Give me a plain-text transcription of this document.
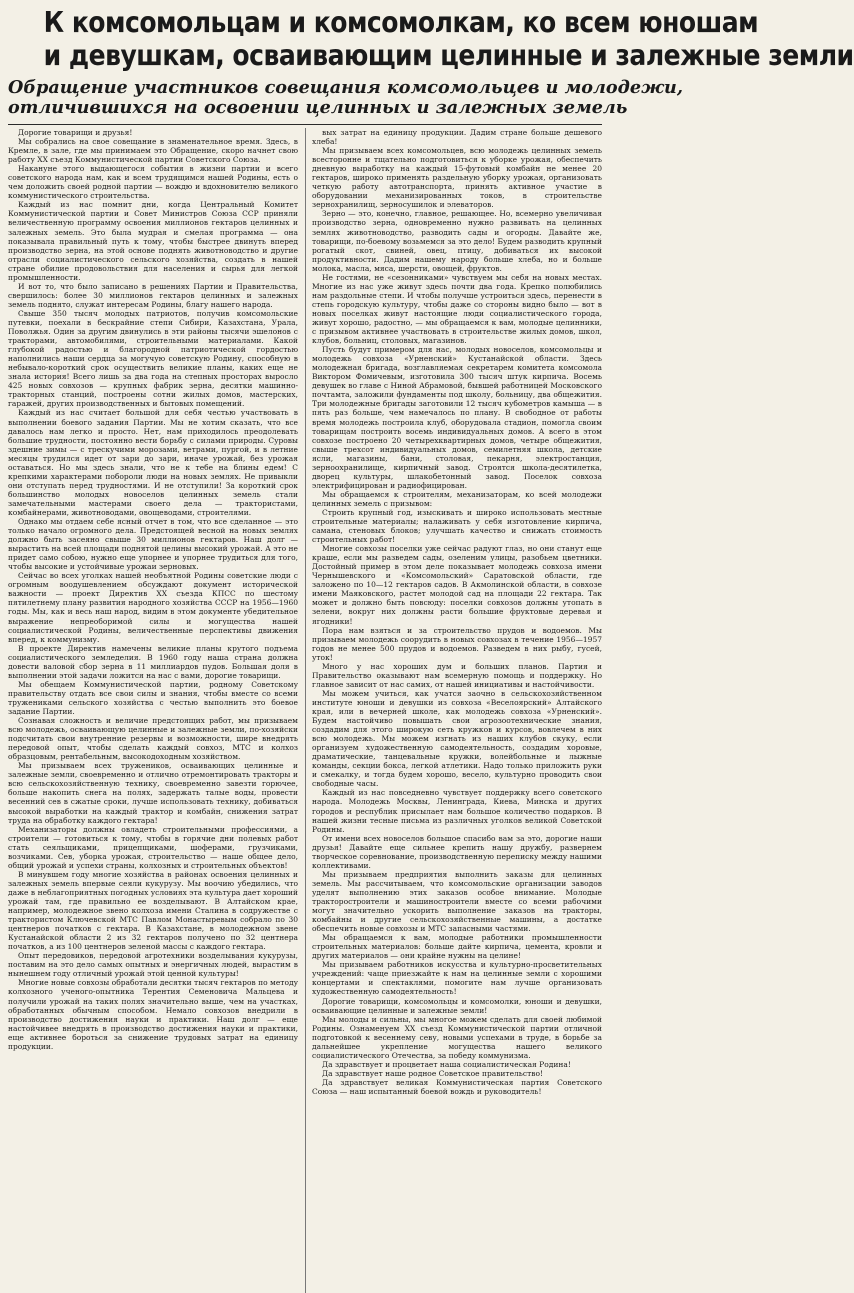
К комсомольцам и комсомолкам, ко всем юношам
и девушкам, осваивающим целинные и залежные земли
Обращение участников совещания комсомольцев и молодежи,
отличившихся на освоении целинных и залежных земель

Дорогие товарищи и друзья!

Мы собрались на свое совещание в знаменательное время. Здесь, в Кремле, в зале, где мы принимаем это Обращение, скоро начнет свою работу XX съезд Коммунистической партии Советского Союза.

Накануне этого выдающегося события в жизни партии и всего советского народа нам, как и всем трудящимся нашей Родины, есть о чем доложить своей родной партии — вождю и вдохновителю великого коммунистического строительства.

Каждый из нас помнит дни, когда Центральный Комитет Коммунистической партии и Совет Министров Союза ССР приняли величественную программу освоения миллионов гектаров целинных и залежных земель. Это была мудрая и смелая программа — она показывала правильный путь к тому, чтобы быстрее двинуть вперед производство зерна, на этой основе поднять животноводство и другие отрасли социалистического сельского хозяйства, создать в нашей стране обилие продовольствия для населения и сырья для легкой промышленности.

И вот то, что было записано в решениях Партии и Правительства, свершилось: более 30 миллионов гектаров целинных и залежных земель поднято, служат интересам Родины, благу нашего народа.

Свыше 350 тысяч молодых патриотов, получив комсомольские путевки, поехали в бескрайние степи Сибири, Казахстана, Урала, Поволжья. Один за другим двинулись в эти районы тысячи эшелонов с тракторами, автомобилями, строительными материалами. Какой глубокой радостью и благородной патриотической гордостью наполнились наши сердца за могучую советскую Родину, способную в небывало-короткий срок осуществить великие планы, каких еще не знала история! Всего лишь за два года на степных просторах выросло 425 новых совхозов — крупных фабрик зерна, десятки машинно-тракторных станций, построены сотни жилых домов, мастерских, гаражей, других производственных и бытовых помещений.

Каждый из нас считает большой для себя честью участвовать в выполнении боевого задания Партии. Мы не хотим сказать, что все давалось нам легко и просто. Нет, нам приходилось преодолевать большие трудности, постоянно вести борьбу с силами природы. Суровы здешние зимы — с трескучими морозами, ветрами, пургой, и в летние месяцы трудился идет от зари до зари, иначе урожай, без урожая оставаться. Но мы здесь знали, что не к тебе на блины едем! С крепкими характерами побороли люди на новых землях. Не привыкли они отступать перед трудностями. И не отступили! За короткий срок большинство молодых новоселов целинных земель стали замечательными мастерами своего дела — трактористами, комбайнерами, животноводами, овощеводами, строителями.

Однако мы отдаем себе ясный отчет в том, что все сделанное — это только начало огромного дела. Предстоящей весной на новых землях должно быть засеяно свыше 30 миллионов гектаров. Наш долг — вырастить на всей площади поднятой целины высокий урожай. А это не придет само собою, нужно еще упорнее и упорнее трудиться для того, чтобы высокие и устойчивые урожаи зерновых.

Сейчас во всех уголках нашей необъятной Родины советские люди с огромным воодушевлением обсуждают документ исторической важности — проект Директив XX съезда КПСС по шестому пятилетнему плану развития народного хозяйства СССР на 1956—1960 годы. Мы, как и весь наш народ, видим в этом документе убедительное выражение непреоборимой силы и могущества нашей социалистической Родины, величественные перспективы движения вперед, к коммунизму.

В проекте Директив намечены великие планы крутого подъема социалистического земледелия. В 1960 году наша страна должна довести валовой сбор зерна в 11 миллиардов пудов. Большая доля в выполнении этой задачи ложится на нас с вами, дорогие товарищи.

Мы обещаем Коммунистической партии, родному Советскому правительству отдать все свои силы и знания, чтобы вместе со всеми тружениками сельского хозяйства с честью выполнить это боевое задание Партии.

Сознавая сложность и величие предстоящих работ, мы призываем всю молодежь, осваивающую целинные и залежные земли, по-хозяйски подсчитать свои внутренние резервы и возможности, шире внедрять передовой опыт, чтобы сделать каждый совхоз, МТС и колхоз образцовым, рентабельным, высокодоходным хозяйством.

Мы призываем всех тружеников, осваивающих целинные и залежные земли, своевременно и отлично отремонтировать тракторы и всю сельскохозяйственную технику, своевременно завезти горючее, больше накопить снега на полях, задержать талые воды, провести весенний сев в сжатые сроки, лучше использовать технику, добиваться высокой выработки на каждый трактор и комбайн, снижения затрат труда на обработку каждого гектара!

Механизаторы должны овладеть строительными профессиями, а строители — готовиться к тому, чтобы в горячие дни полевых работ стать сеяльщиками, прицепщиками, шоферами, грузчиками, возчиками. Сев, уборка урожая, строительство — наше общее дело, общий урожай и успехи страны, колхозных и строительных объектов!

В минувшем году многие хозяйства в районах освоения целинных и залежных земель впервые сеяли кукурузу. Мы воочию убедились, что даже в неблагоприятных погодных условиях эта культура дает хороший урожай там, где правильно ее возделывают. В Алтайском крае, например, молодежное звено колхоза имени Сталина в содружестве с трактористом Ключевской МТС Павлом Монастыревым собрало по 30 центнеров початков с гектара. В Казахстане, в молодежном звене Кустанайской области 2 из 32 гектаров получено по 32 центнера початков, а из 100 центнеров зеленой массы с каждого гектара.

Опыт передовиков, передовой агротехники возделывания кукурузы, поставим на это дело самых опытных и энергичных людей, вырастим в нынешнем году отличный урожай этой ценной культуры!

Многие новые совхозы обработали десятки тысяч гектаров по методу колхозного ученого-опытника Терентия Семеновича Мальцева и получили урожай на таких полях значительно выше, чем на участках, обработанных обычным способом. Немало совхозов внедрили в производство достижения науки и практики. Наш долг — еще настойчивее внедрять в производство достижения науки и практики, еще активнее бороться за снижение трудовых затрат на единицу продукции.

вых затрат на единицу продукции. Дадим стране больше дешевого хлеба!

Мы призываем всех комсомольцев, всю молодежь целинных земель всесторонне и тщательно подготовиться к уборке урожая, обеспечить дневную выработку на каждый 15-футовый комбайн не менее 20 гектаров, широко применять раздельную уборку урожая, организовать четкую работу автотранспорта, принять активное участие в оборудовании механизированных токов, в строительстве зернохранилищ, зерносушилок и элеваторов.

Зерно — это, конечно, главное, решающее. Но, всемерно увеличивая производство зерна, одновременно нужно развивать на целинных землях животноводство, разводить сады и огороды. Давайте же, товарищи, по-боевому возьмемся за это дело! Будем разводить крупный рогатый скот, свиней, овец, птицу, добиваться их высокой продуктивности. Дадим нашему народу больше хлеба, но и больше молока, масла, мяса, шерсти, овощей, фруктов.

Не гостями, не «сезонниками» чувствуем мы себя на новых местах. Многие из нас уже живут здесь почти два года. Крепко полюбились нам раздольные степи. И чтобы получше устроиться здесь, перенести в степь городскую культуру, чтобы даже со стороны видно было — вот в новых поселках живут настоящие люди социалистического города, живут хорошо, радостно, — мы обращаемся к вам, молодые целинники, с призывом активнее участвовать в строительстве жилых домов, школ, клубов, больниц, столовых, магазинов.

Пусть будут примером для нас, молодых новоселов, комсомольцы и молодежь совхоза «Урненский» Кустанайской области. Здесь молодежная бригада, возглавляемая секретарем комитета комсомола Виктором Фомичевым, изготовила 300 тысяч штук кирпича. Восемь девушек во главе с Ниной Абрамовой, бывшей работницей Московского почтамта, заложили фундаменты под школу, больницу, два общежития. Три молодежные бригады заготовили 12 тысяч кубометров камыша — в пять раз больше, чем намечалось по плану. В свободное от работы время молодежь построила клуб, оборудовала стадион, помогла своим товарищам построить восемь индивидуальных домов. А всего в этом совхозе построено 20 четырехквартирных домов, четыре общежития, свыше трехсот индивидуальных домов, семилетняя школа, детские ясли, магазины, бани, столовая, пекарня, электростанция, зерноохранилище, кирпичный завод. Строятся школа-десятилетка, дворец культуры, шлакобетонный завод. Поселок совхоза электрифицирован и радиофицирован.

Мы обращаемся к строителям, механизаторам, ко всей молодежи целинных земель с призывом:

Строить крупный год, изыскивать и широко использовать местные строительные материалы; налаживать у себя изготовление кирпича, самана, стеновых блоков; улучшать качество и снижать стоимость строительных работ!

Многие совхозы поселки уже сейчас радуют глаз, но они станут еще краше, если мы разведем сады, озеленим улицы, разобьем цветники. Достойный пример в этом деле показывает молодежь совхоза имени Чернышевского и «Комсомольский» Саратовской области, где заложено по 10—12 гектаров садов. В Акмолинской области, в совхозе имени Маяковского, растет молодой сад на площади 22 гектара. Так может и должно быть повсюду: поселки совхозов должны утопать в зелени, вокруг них должны расти большие фруктовые деревья и ягодники!

Пора нам взяться и за строительство прудов и водоемов. Мы призываем молодежь соорудить в новых совхозах в течение 1956—1957 годов не менее 500 прудов и водоемов. Разведем в них рыбу, гусей, уток!

Много у нас хороших дум и больших планов. Партия и Правительство оказывают нам всемерную помощь и поддержку. Но главное зависит от нас самих, от нашей инициативы и настойчивости.

Мы можем учиться, как учатся заочно в сельскохозяйственном институте юноши и девушки из совхоза «Веселоярский» Алтайского края, или в вечерней школе, как молодежь совхоза «Урненский». Будем настойчиво повышать свои агрозоотехнические знания, создадим для этого широкую сеть кружков и курсов, вовлечем в них всю молодежь. Мы можем изгнать из наших клубов скуку, если организуем художественную самодеятельность, создадим хоровые, драматические, танцевальные кружки, волейбольные и лыжные команды, секции бокса, легкой атлетики. Надо только приложить руки и смекалку, и тогда будем хорошо, весело, культурно проводить свои свободные часы.

Каждый из нас повседневно чувствует поддержку всего советского народа. Молодежь Москвы, Ленинграда, Киева, Минска и других городов и республик присылает нам большое количество подарков. В нашей жизни тесные письма из различных уголков великой Советской Родины.

От имени всех новоселов большое спасибо вам за это, дорогие наши друзья! Давайте еще сильнее крепить нашу дружбу, развернем творческое соревнование, производственную переписку между нашими коллективами.

Мы призываем предприятия выполнить заказы для целинных земель. Мы рассчитываем, что комсомольские организации заводов уделят выполнению этих заказов особое внимание. Молодые тракторостроители и машиностроители вместе со всеми рабочими могут значительно ускорить выполнение заказов на тракторы, комбайны и другие сельскохозяйственные машины, а достатке обеспечить новые совхозы и МТС запасными частями.

Мы обращаемся к вам, молодые работники промышленности строительных материалов: больше дайте кирпича, цемента, кровли и других материалов — они крайне нужны на целине!

Мы призываем работников искусства и культурно-просветительных учреждений: чаще приезжайте к нам на целинные земли с хорошими концертами и спектаклями, помогите нам лучше организовать художественную самодеятельность!

Дорогие товарищи, комсомольцы и комсомолки, юноши и девушки, осваивающие целинные и залежные земли!

Мы молоды и сильны, мы многое можем сделать для своей любимой Родины. Ознаменуем XX съезд Коммунистической партии отличной подготовкой к весеннему севу, новыми успехами в труде, в борьбе за дальнейшее укрепление могущества нашего великого социалистического Отечества, за победу коммунизма.

Да здравствует и процветает наша социалистическая Родина!

Да здравствует наше родное Советское правительство!

Да здравствует великая Коммунистическая партия Советского Союза — наш испытанный боевой вождь и руководитель!
